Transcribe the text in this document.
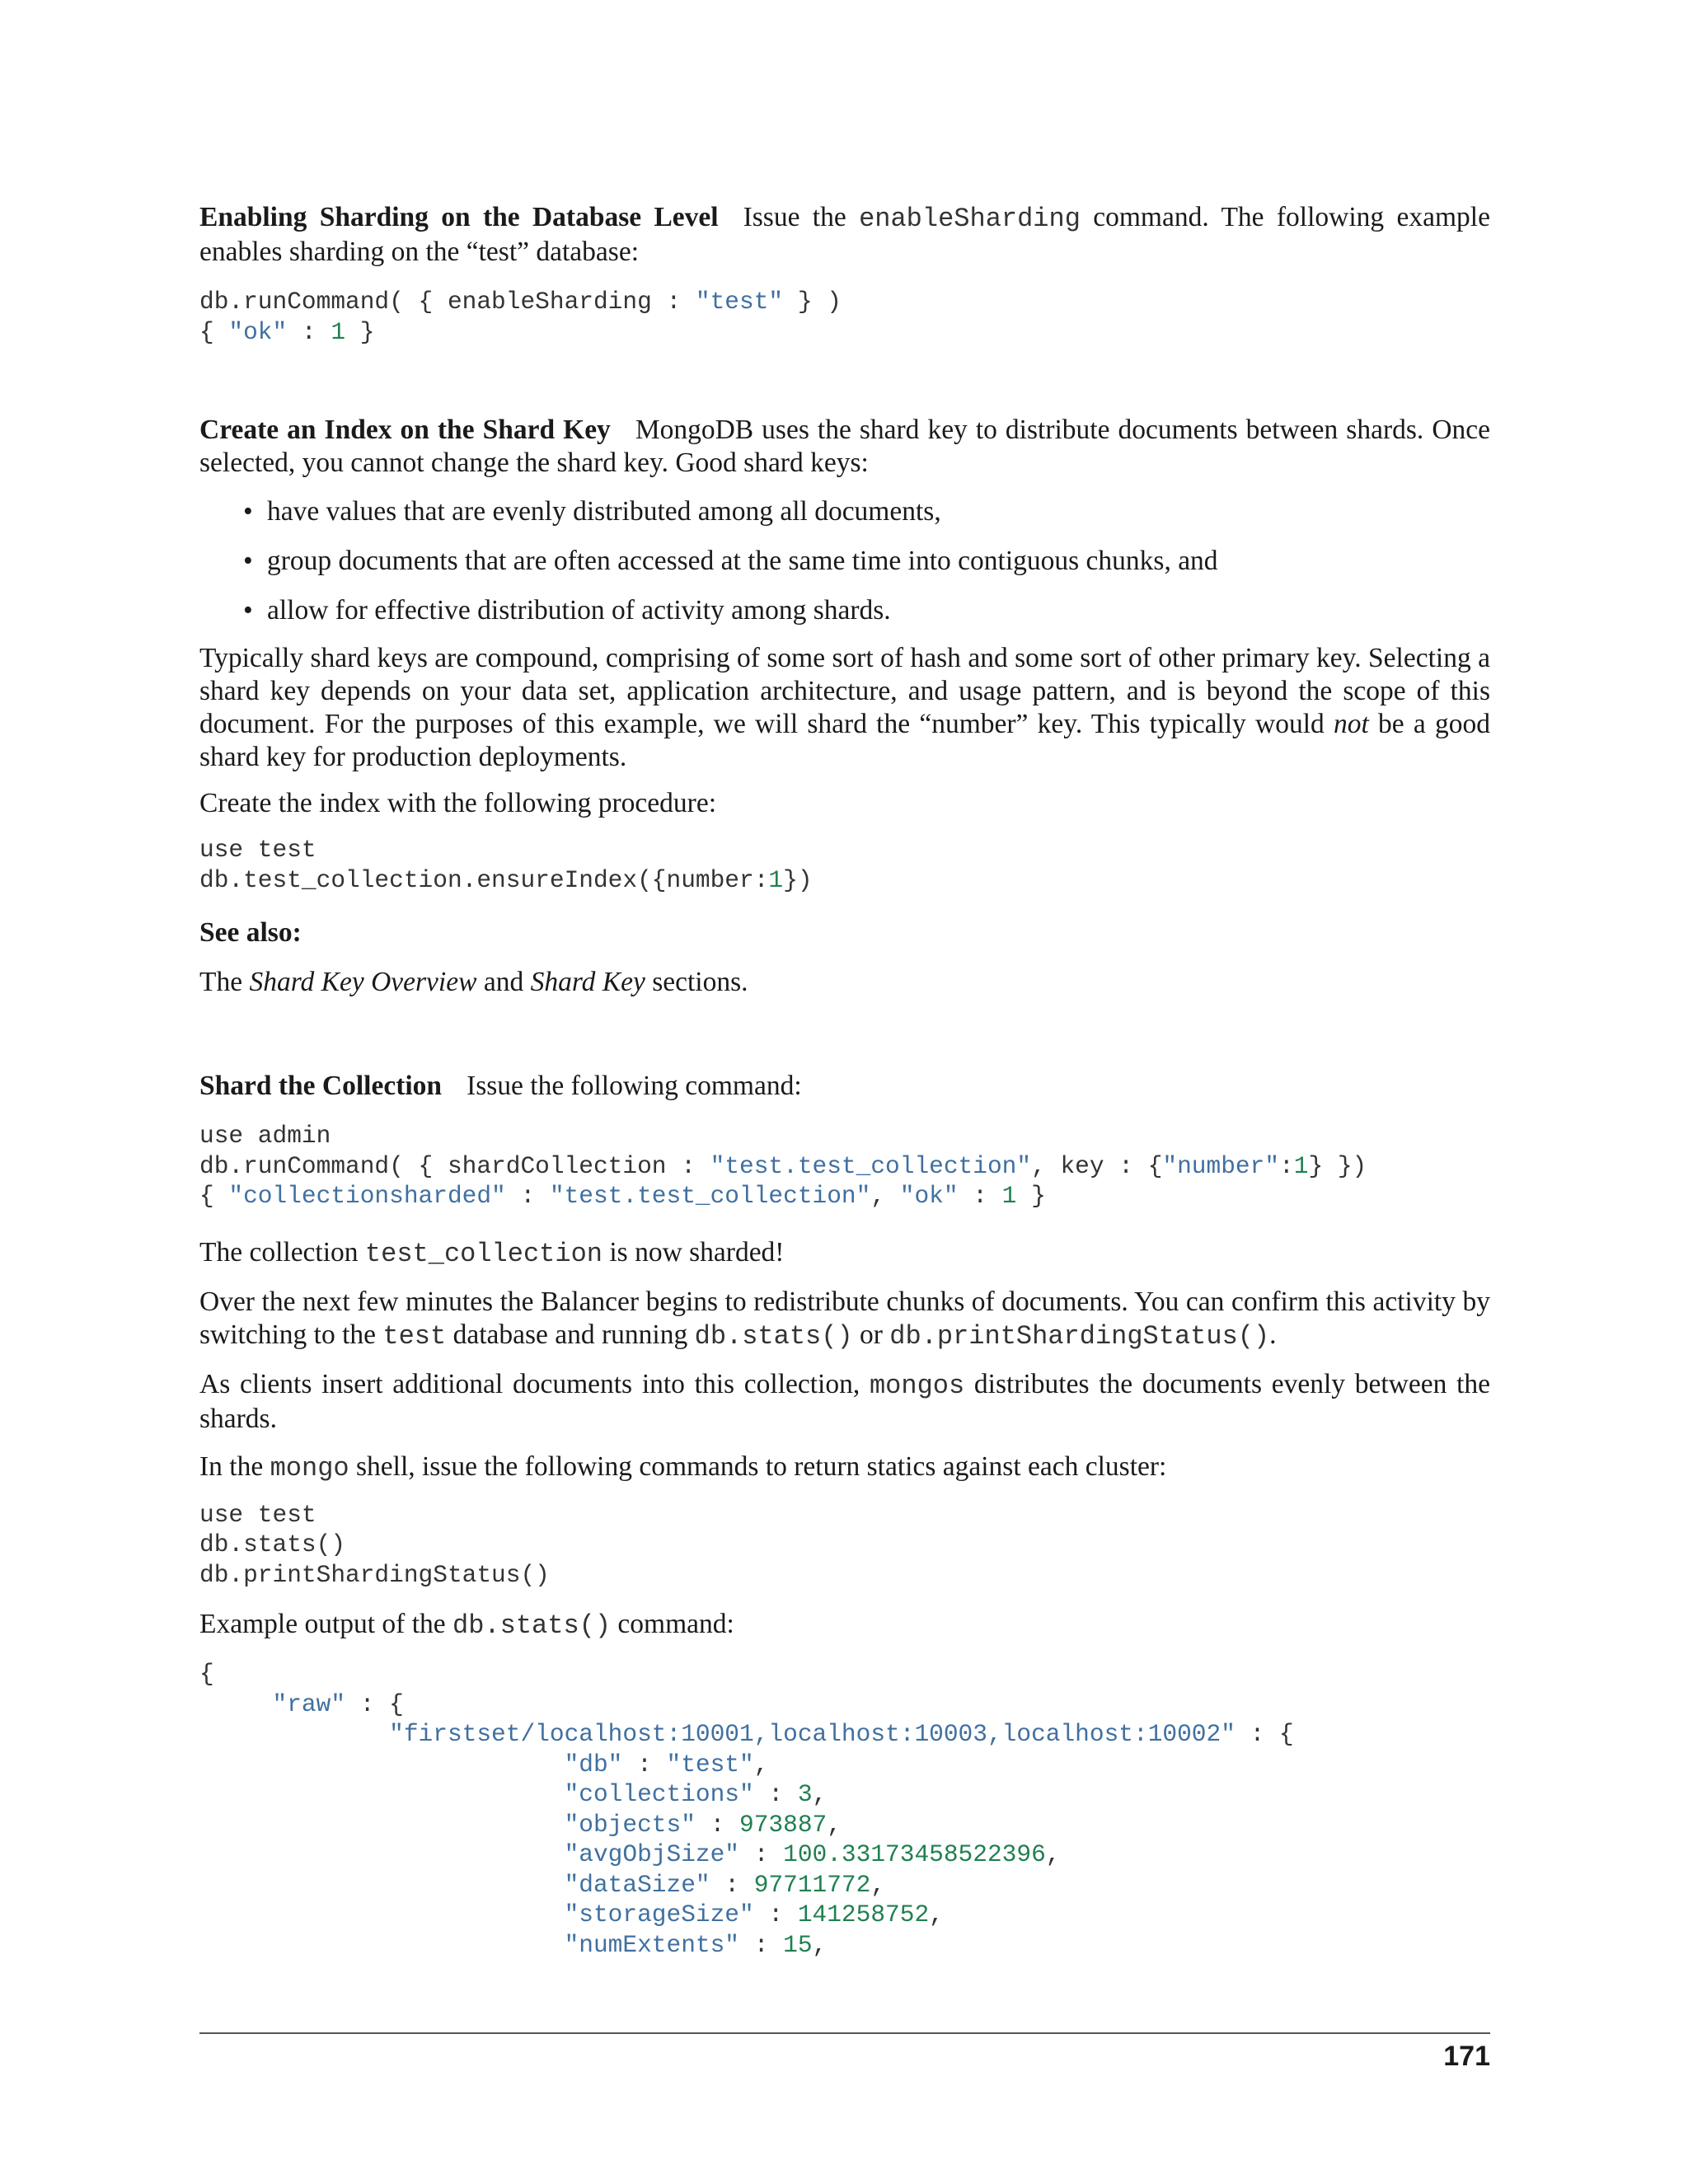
Enabling Sharding on the Database Level Issue the enableSharding command. The following example enables sharding on the “test” database:

db.runCommand( { enableSharding : "test" } )
{ "ok" : 1 }

Create an Index on the Shard Key MongoDB uses the shard key to distribute documents between shards. Once selected, you cannot change the shard key. Good shard keys:

• have values that are evenly distributed among all documents,
• group documents that are often accessed at the same time into contiguous chunks, and
• allow for effective distribution of activity among shards.

Typically shard keys are compound, comprising of some sort of hash and some sort of other primary key. Selecting a shard key depends on your data set, application architecture, and usage pattern, and is beyond the scope of this document. For the purposes of this example, we will shard the “number” key. This typically would not be a good shard key for production deployments.

Create the index with the following procedure:

use test
db.test_collection.ensureIndex({number:1})

See also:

The Shard Key Overview and Shard Key sections.

Shard the Collection Issue the following command:

use admin
db.runCommand( { shardCollection : "test.test_collection", key : {"number":1} })
{ "collectionsharded" : "test.test_collection", "ok" : 1 }

The collection test_collection is now sharded!

Over the next few minutes the Balancer begins to redistribute chunks of documents. You can confirm this activity by switching to the test database and running db.stats() or db.printShardingStatus().

As clients insert additional documents into this collection, mongos distributes the documents evenly between the shards.

In the mongo shell, issue the following commands to return statics against each cluster:

use test
db.stats()
db.printShardingStatus()

Example output of the db.stats() command:

{
"raw" : {
"firstset/localhost:10001,localhost:10003,localhost:10002" : {
"db" : "test",
"collections" : 3,
"objects" : 973887,
"avgObjSize" : 100.33173458522396,
"dataSize" : 97711772,
"storageSize" : 141258752,
"numExtents" : 15,
171
